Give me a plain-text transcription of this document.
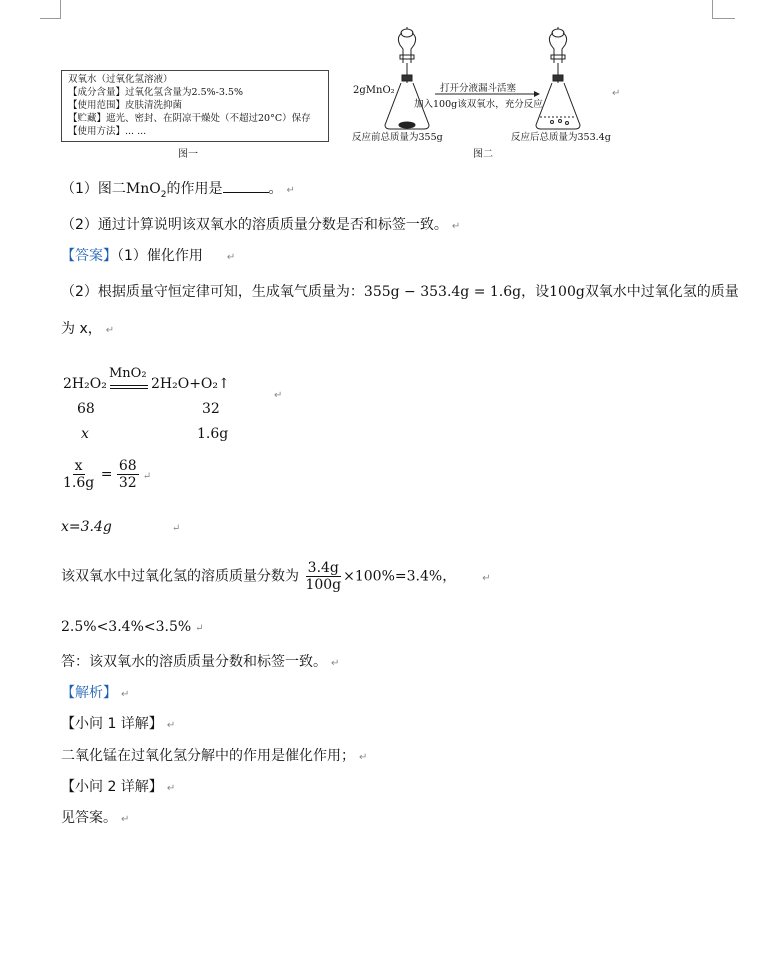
双氧水（过氧化氢溶液）
【成分含量】过氧化氢含量为2.5%-3.5%
【使用范围】皮肤清洗抑菌
【贮藏】遮光、密封、在阴凉干燥处（不超过20°C）保存
【使用方法】... ...
图一
2gMnO₂	打开分液漏斗活塞
加入100g该双氧水，充分反应
反应前总质量为355g	反应后总质量为353.4g
↵
图二
（1）图二MnO$_2$的作用是	。 ↵
（2）通过计算说明该双氧水的溶质质量分数是否和标签一致。 ↵
【答案】（1）催化作用 ↵
（2）根据质量守恒定律可知，生成氧气质量为：355g − 353.4g = 1.6g，设100g双氧水中过氧化氢的质量
为 x， ↵
2H₂O₂
MnO₂
2H₂O+O₂↑
↵
68	32
x	1.6g
$\frac{x}{1.6g} = \frac{68}{32}$ ↵
x=3.4g	↵
该双氧水中过氧化氢的溶质质量分数为 $\frac{3.4g}{100g} \times 100\%=3.4\%$，	↵
2.5%<3.4%<3.5% ↵
答：该双氧水的溶质质量分数和标签一致。 ↵
【解析】 ↵
【小问 1 详解】 ↵
二氧化锰在过氧化氢分解中的作用是催化作用； ↵
【小问 2 详解】 ↵
见答案。 ↵
